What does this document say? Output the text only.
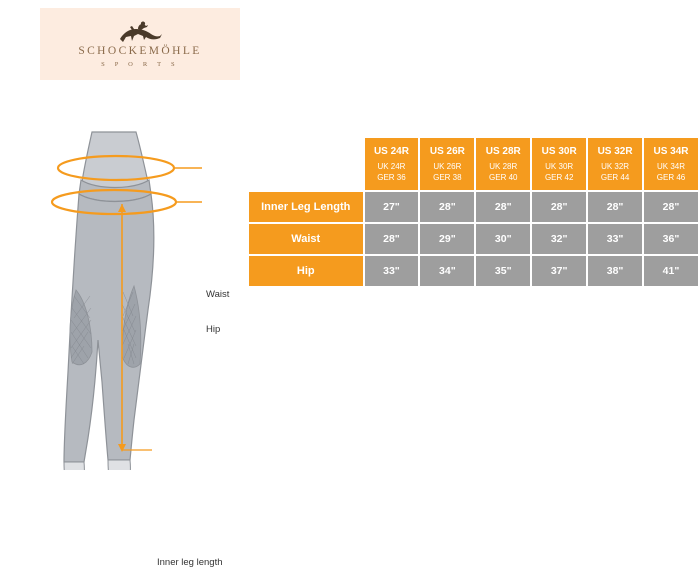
SCHOCKEMÖHLE
S P O R T S
Waist
Hip
Inner leg length

	US 24R
UK 24R
GER 36	US 26R
UK 26R
GER 38	US 28R
UK 28R
GER 40	US 30R
UK 30R
GER 42	US 32R
UK 32R
GER 44	US 34R
UK 34R
GER 46

Inner Leg Length	27"	28"	28"	28"	28"	28"
Waist	28"	29"	30"	32"	33"	36"
Hip	33"	34"	35"	37"	38"	41"
